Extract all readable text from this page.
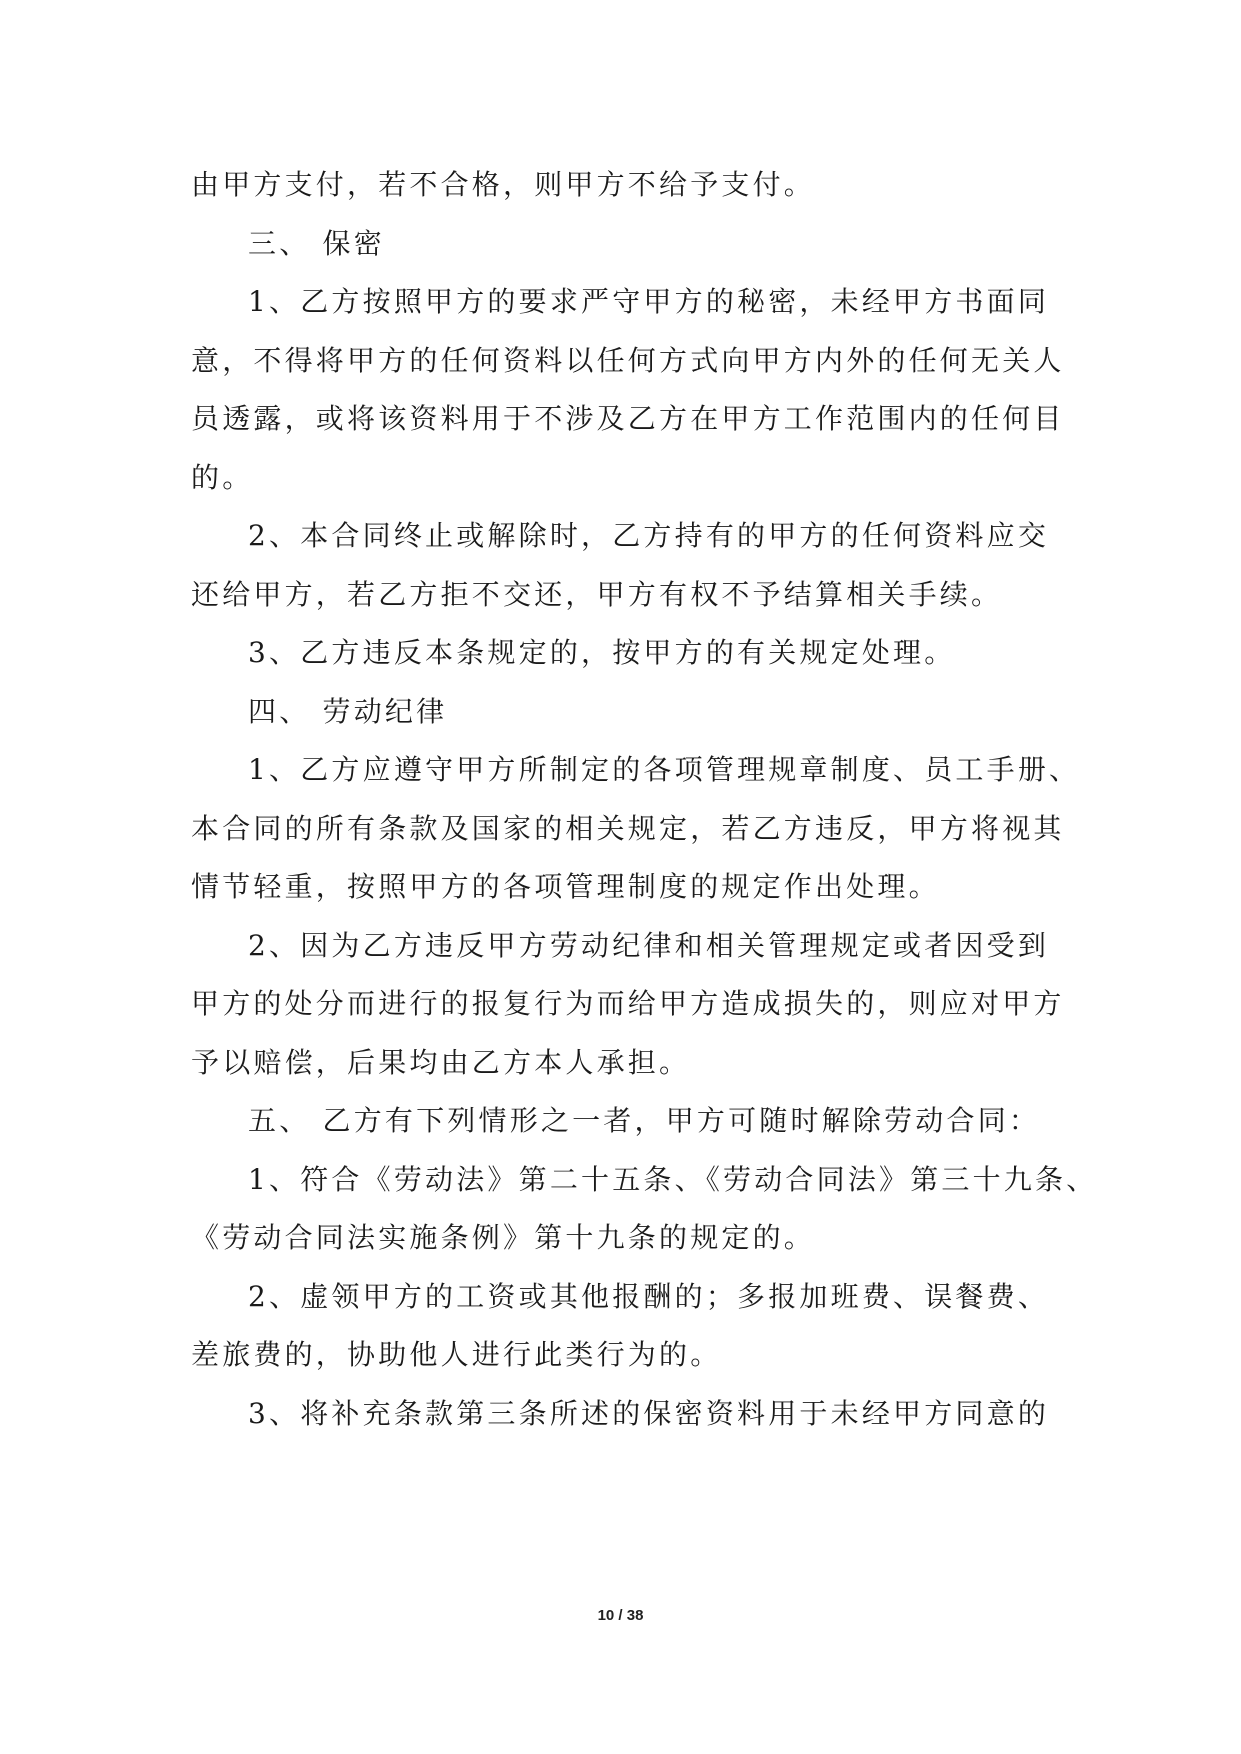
由甲方支付，若不合格，则甲方不给予支付。
三、 保密
1、乙方按照甲方的要求严守甲方的秘密，未经甲方书面同
意，不得将甲方的任何资料以任何方式向甲方内外的任何无关人
员透露，或将该资料用于不涉及乙方在甲方工作范围内的任何目
的。
2、本合同终止或解除时，乙方持有的甲方的任何资料应交
还给甲方，若乙方拒不交还，甲方有权不予结算相关手续。
3、乙方违反本条规定的，按甲方的有关规定处理。
四、 劳动纪律
1、乙方应遵守甲方所制定的各项管理规章制度、员工手册、
本合同的所有条款及国家的相关规定，若乙方违反，甲方将视其
情节轻重，按照甲方的各项管理制度的规定作出处理。
2、因为乙方违反甲方劳动纪律和相关管理规定或者因受到
甲方的处分而进行的报复行为而给甲方造成损失的，则应对甲方
予以赔偿，后果均由乙方本人承担。
五、 乙方有下列情形之一者，甲方可随时解除劳动合同：
1、符合《劳动法》第二十五条、《劳动合同法》第三十九条、
《劳动合同法实施条例》第十九条的规定的。
2、虚领甲方的工资或其他报酬的；多报加班费、误餐费、
差旅费的，协助他人进行此类行为的。
3、将补充条款第三条所述的保密资料用于未经甲方同意的
10 / 38
